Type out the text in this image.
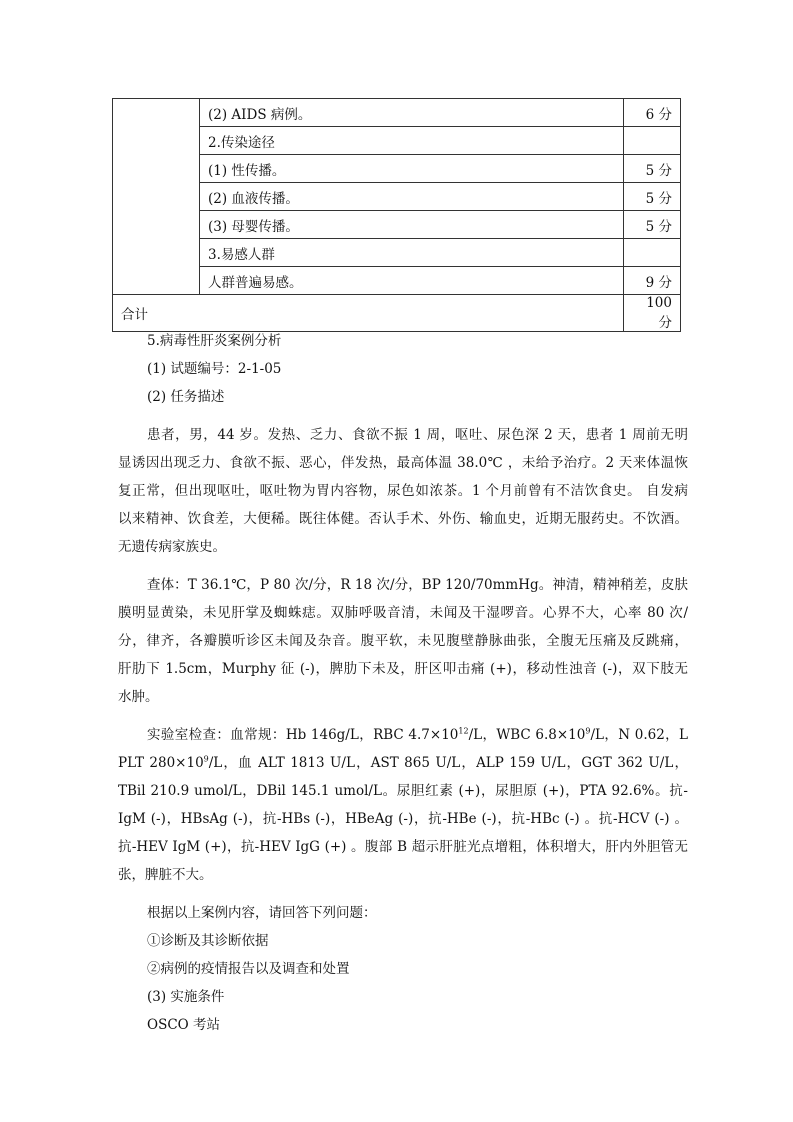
	(2) AIDS 病例。	6 分
	2.传染途径	
	(1) 性传播。	5 分
	(2) 血液传播。	5 分
	(3) 母婴传播。	5 分
	3.易感人群	
	人群普遍易感。	9 分
合计		100 分
5.病毒性肝炎案例分析
(1) 试题编号：2-1-05
(2) 任务描述
患者，男，44 岁。发热、乏力、食欲不振 1 周，呕吐、尿色深 2 天，患者 1 周前无明
显诱因出现乏力、食欲不振、恶心，伴发热，最高体温 38.0℃ ，未给予治疗。2 天来体温恢
复正常，但出现呕吐，呕吐物为胃内容物，尿色如浓茶。1 个月前曾有不洁饮食史。 自发病
以来精神、饮食差，大便稀。既往体健。否认手术、外伤、输血史，近期无服药史。不饮酒。
无遗传病家族史。
查体：T 36.1℃，P 80 次/分，R 18 次/分，BP 120/70mmHg。神清，精神稍差，皮肤
膜明显黄染，未见肝掌及蜘蛛痣。双肺呼吸音清，未闻及干湿啰音。心界不大，心率 80 次/
分，律齐，各瓣膜听诊区未闻及杂音。腹平软，未见腹壁静脉曲张，全腹无压痛及反跳痛，
肝肋下 1.5cm，Murphy 征 (-)，脾肋下未及，肝区叩击痛 (+)，移动性浊音 (-)，双下肢无
水肿。
实验室检查：血常规：Hb 146g/L，RBC $4.7\times 10^{12}/L$，WBC $6.8\times 10^9/L$，N 0.62，L
PLT $280\times 10^9/L$，血 ALT 1813 U/L，AST 865 U/L，ALP 159 U/L，GGT 362 U/L，
TBil 210.9 umol/L，DBil 145.1 umol/L。尿胆红素 (+)，尿胆原 (+)，PTA 92.6%。抗-
IgM (-)，HBsAg (-)，抗-HBs (-)，HBeAg (-)，抗-HBe (-)，抗-HBc (-) 。抗-HCV (-) 。
抗-HEV IgM (+)，抗-HEV IgG (+) 。腹部 B 超示肝脏光点增粗，体积增大，肝内外胆管无
张，脾脏不大。
根据以上案例内容，请回答下列问题：
①诊断及其诊断依据
②病例的疫情报告以及调查和处置
(3) 实施条件
OSCO 考站
